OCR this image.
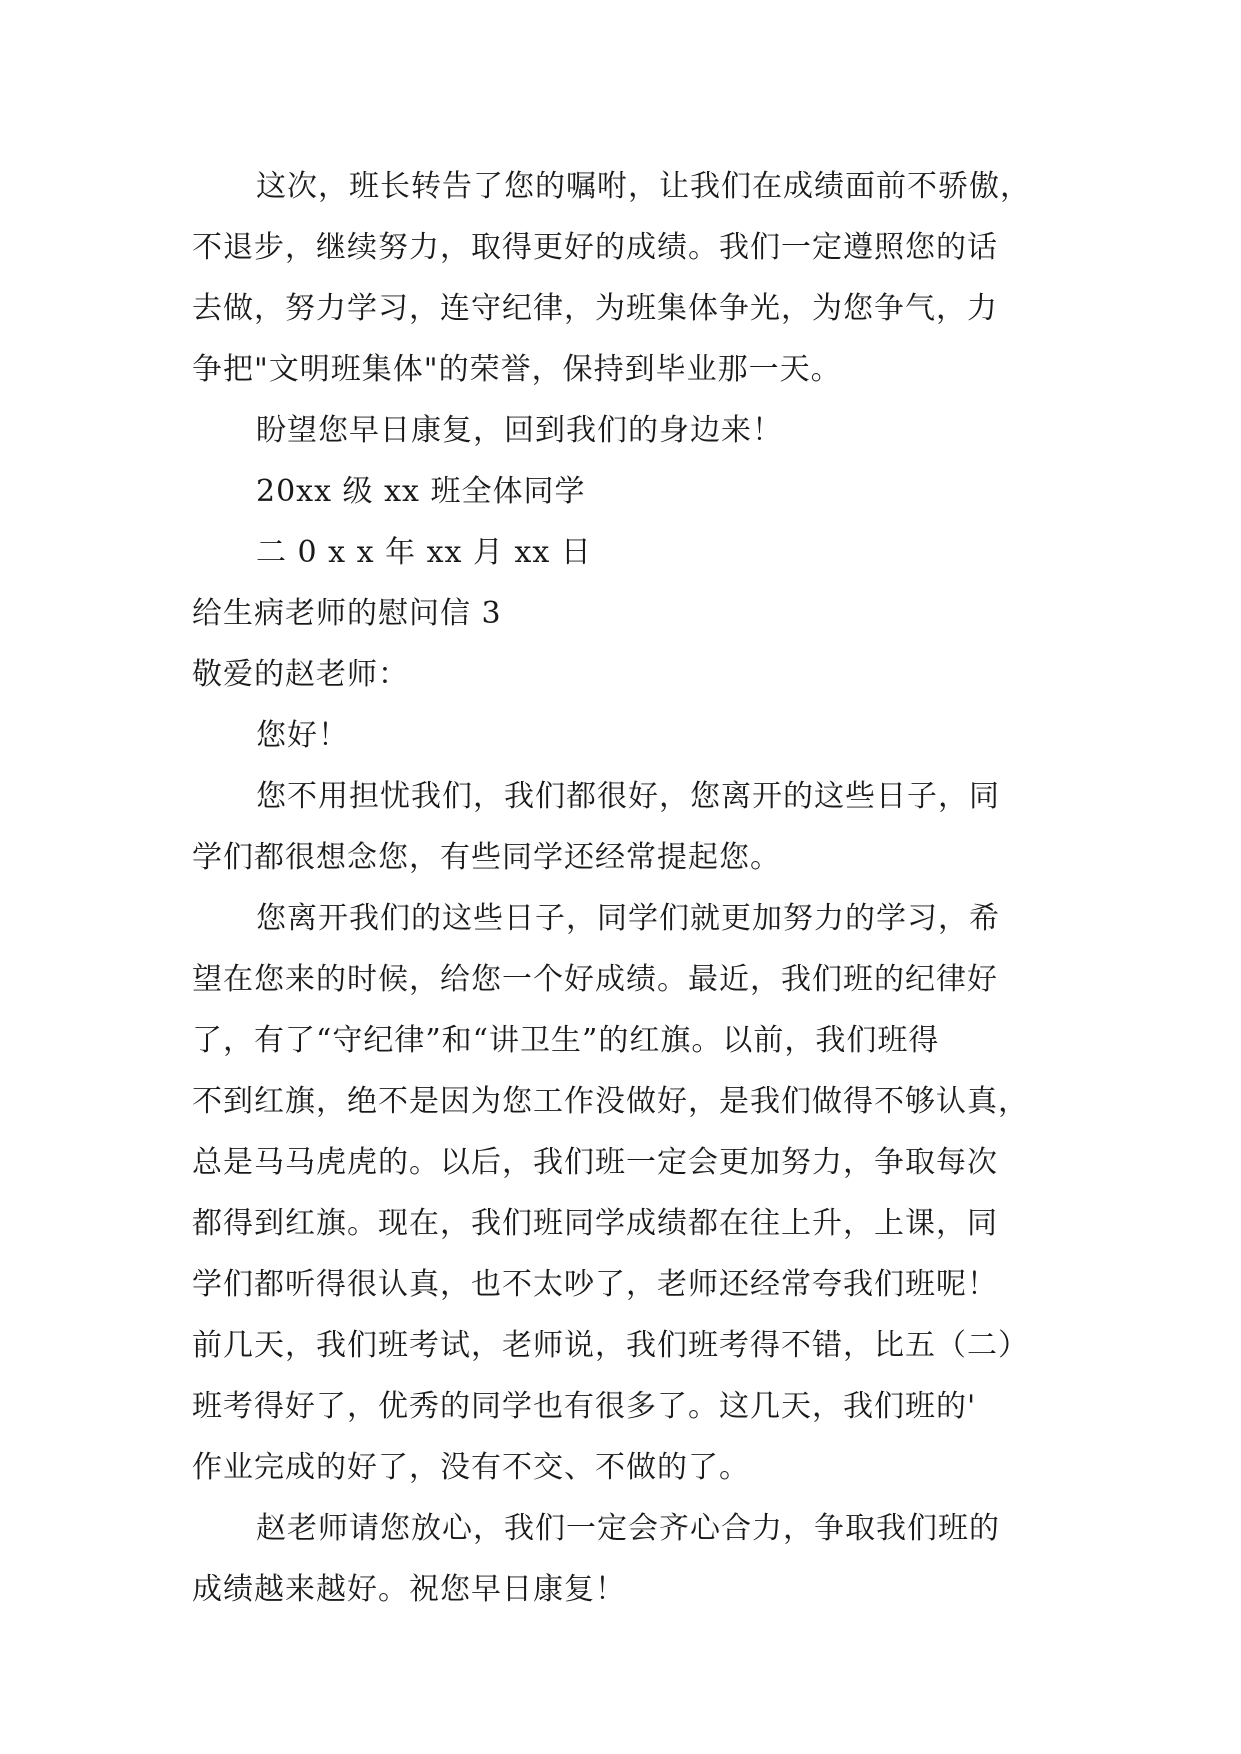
这次，班长转告了您的嘱咐，让我们在成绩面前不骄傲，
不退步，继续努力，取得更好的成绩。我们一定遵照您的话
去做，努力学习，连守纪律，为班集体争光，为您争气，力
争把"文明班集体"的荣誉，保持到毕业那一天。

盼望您早日康复，回到我们的身边来！

20xx 级 xx 班全体同学

二 0 x x 年 xx 月 xx 日

给生病老师的慰问信 3

敬爱的赵老师：

您好！

您不用担忧我们，我们都很好，您离开的这些日子，同
学们都很想念您，有些同学还经常提起您。

您离开我们的这些日子，同学们就更加努力的学习，希
望在您来的时候，给您一个好成绩。最近，我们班的纪律好
了，有了“守纪律”和“讲卫生”的红旗。以前，我们班得
不到红旗，绝不是因为您工作没做好，是我们做得不够认真，
总是马马虎虎的。以后，我们班一定会更加努力，争取每次
都得到红旗。现在，我们班同学成绩都在往上升，上课，同
学们都听得很认真，也不太吵了，老师还经常夸我们班呢！
前几天，我们班考试，老师说，我们班考得不错，比五（二）
班考得好了，优秀的同学也有很多了。这几天，我们班的'
作业完成的好了，没有不交、不做的了。

赵老师请您放心，我们一定会齐心合力，争取我们班的
成绩越来越好。祝您早日康复！
